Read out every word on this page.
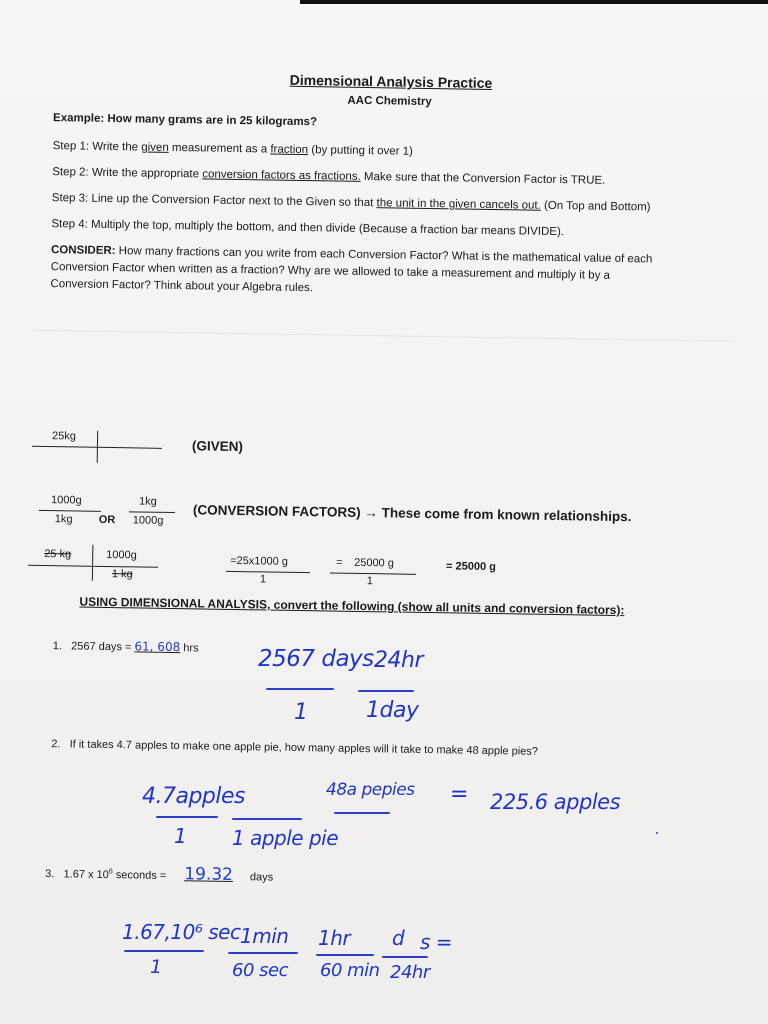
Dimensional Analysis Practice
AAC Chemistry
Example: How many grams are in 25 kilograms?
Step 1: Write the given measurement as a fraction (by putting it over 1)
Step 2: Write the appropriate conversion factors as fractions. Make sure that the Conversion Factor is TRUE.
Step 3: Line up the Conversion Factor next to the Given so that the unit in the given cancels out. (On Top and Bottom)
Step 4: Multiply the top, multiply the bottom, and then divide (Because a fraction bar means DIVIDE).
CONSIDER: How many fractions can you write from each Conversion Factor? What is the mathematical value of each
Conversion Factor when written as a fraction? Why are we allowed to take a measurement and multiply it by a
Conversion Factor? Think about your Algebra rules.
25kg
(GIVEN)
1000g
1kg OR
1kg
1000g (CONVERSION FACTORS) → These come from known relationships.
25 kg	1000g
1 kg
=25x1000 g
1
= 25000 g
1
= 25000 g
USING DIMENSIONAL ANALYSIS, convert the following (show all units and conversion factors):
1. 2567 days = 61, 608 hrs
2. If it takes 4.7 apples to make one apple pie, how many apples will it take to make 48 apple pies?
3. 1.67 x $10^6$ seconds = 19.32 days
2567 days 24hr
1	1day
4.7apples	48a pepies = 225.6 apples
1 1 apple pie
1.67,10⁶ sec 1min 1hr d s =
1	60 sec 60 min 24hr
